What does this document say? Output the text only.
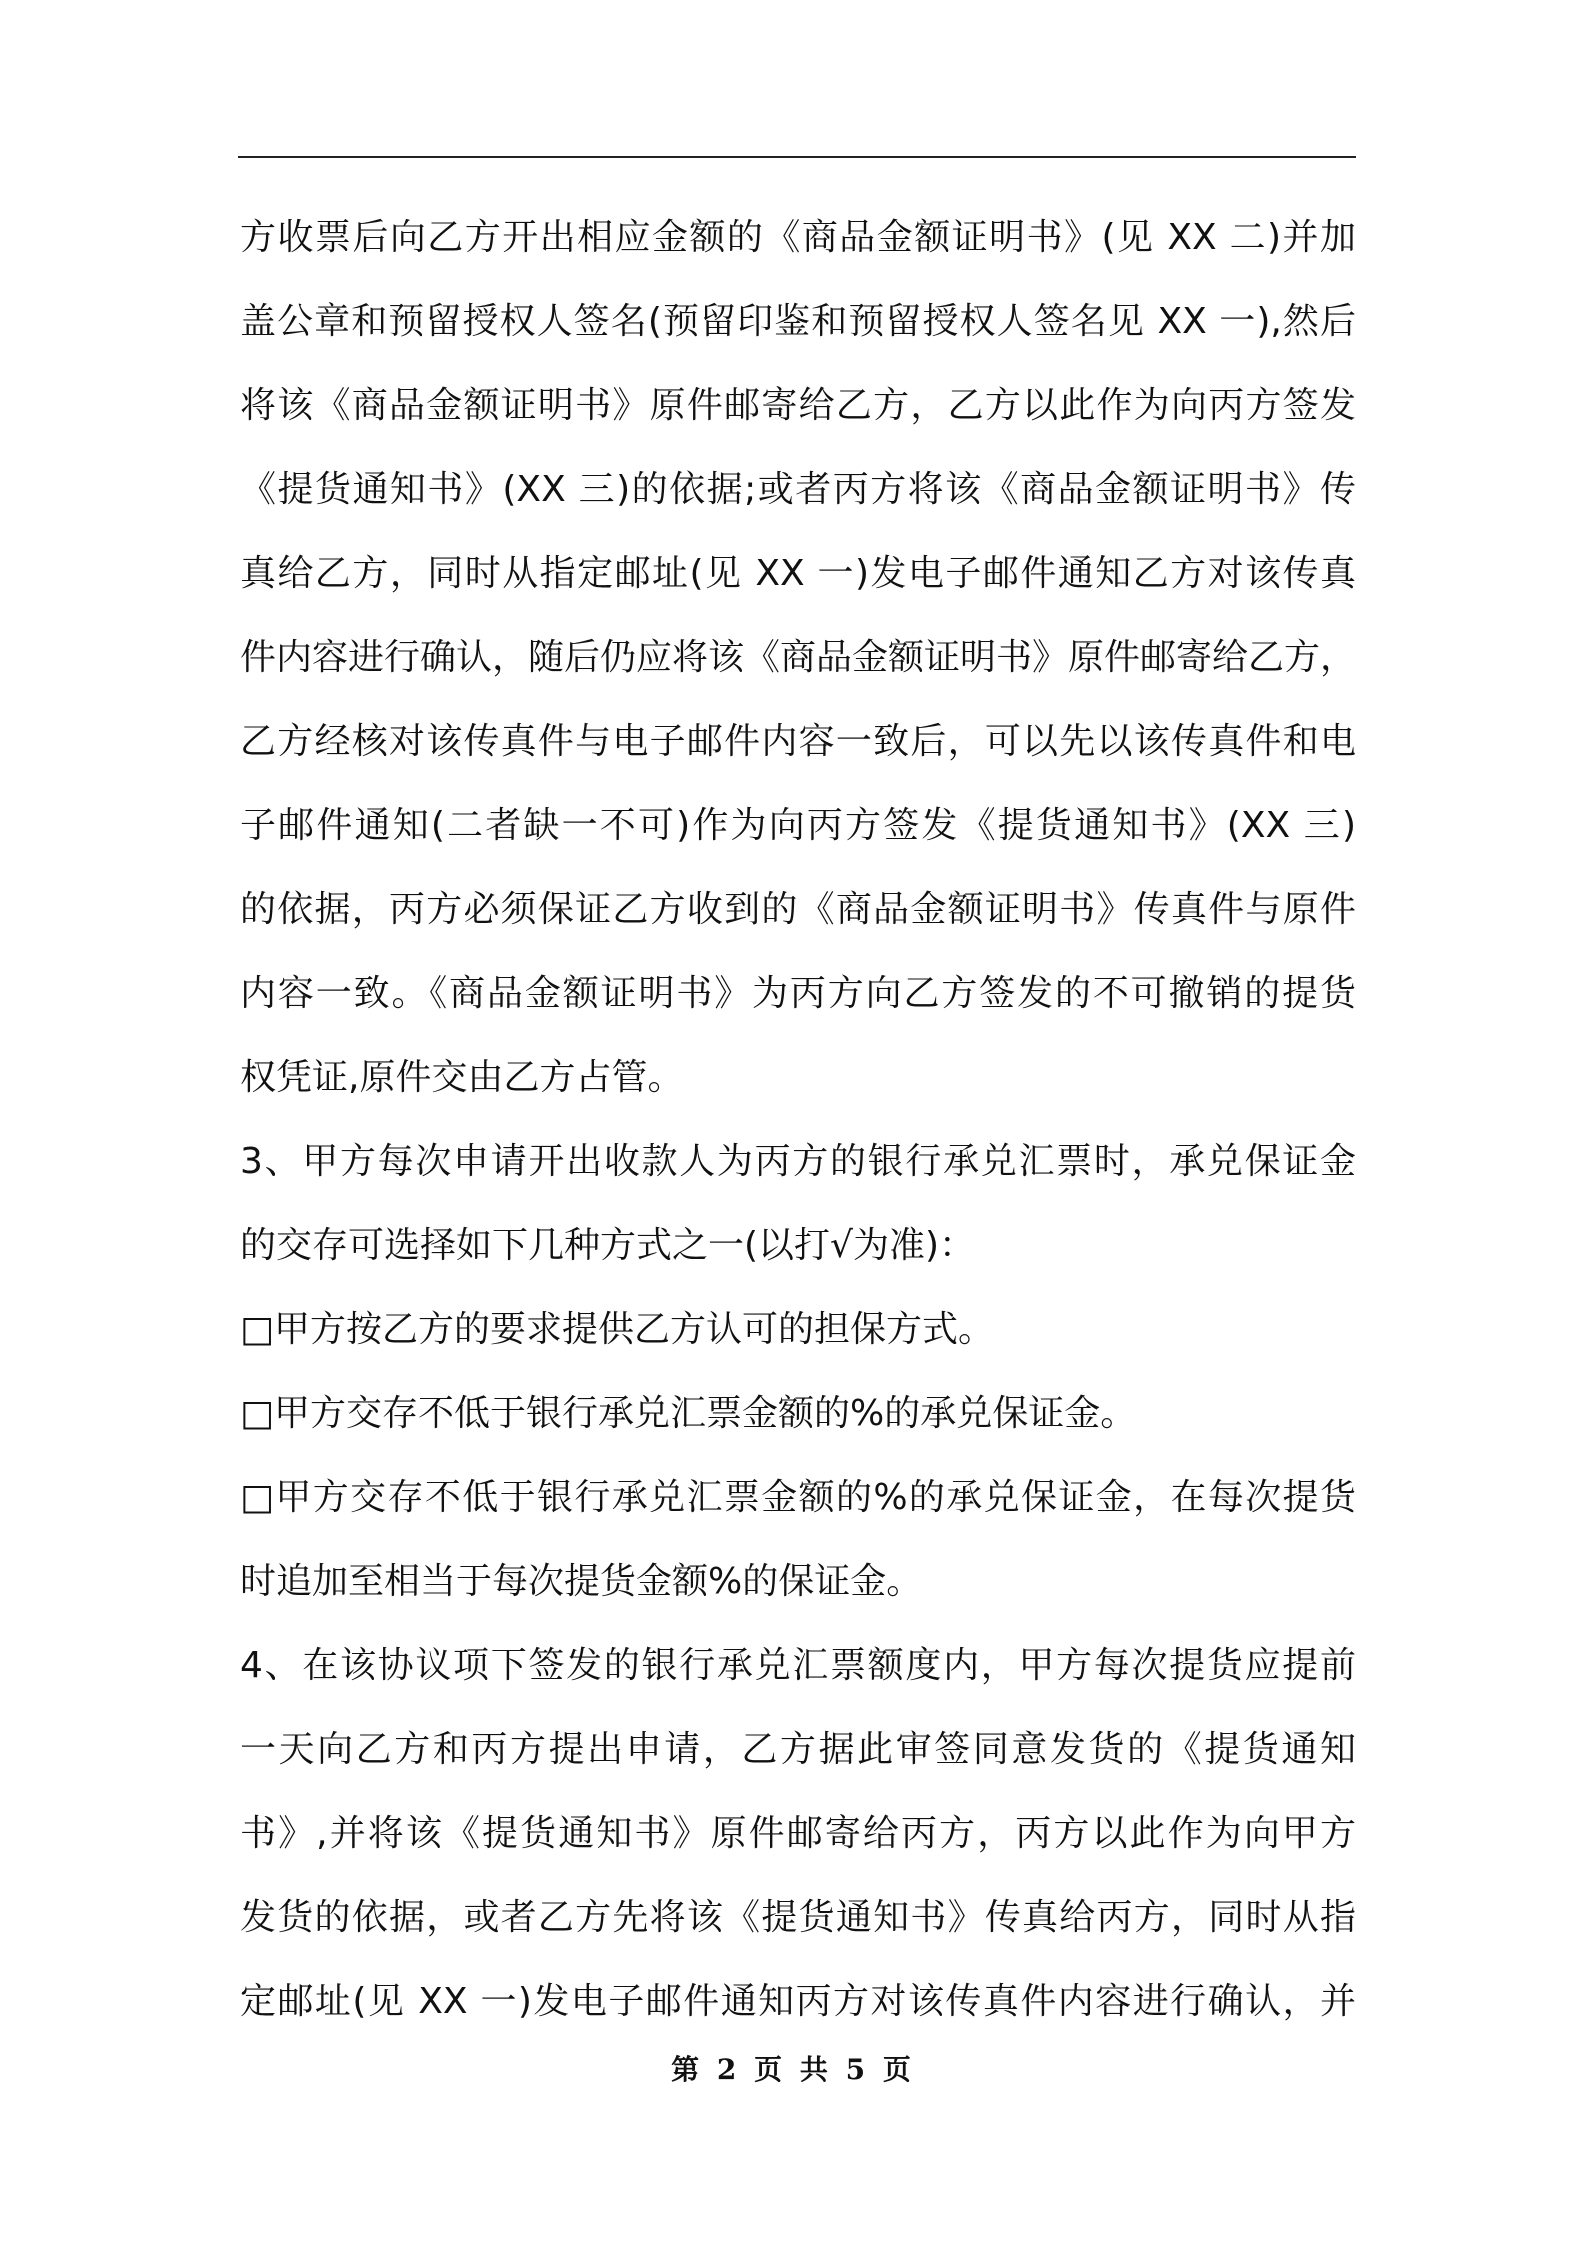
方收票后向乙方开出相应金额的《商品金额证明书》(见 XX 二)并加
盖公章和预留授权人签名(预留印鉴和预留授权人签名见 XX 一),然后
将该《商品金额证明书》原件邮寄给乙方，乙方以此作为向丙方签发
《提货通知书》(XX 三)的依据;或者丙方将该《商品金额证明书》传
真给乙方，同时从指定邮址(见 XX 一)发电子邮件通知乙方对该传真
件内容进行确认，随后仍应将该《商品金额证明书》原件邮寄给乙方，
乙方经核对该传真件与电子邮件内容一致后，可以先以该传真件和电
子邮件通知(二者缺一不可)作为向丙方签发《提货通知书》(XX 三)
的依据，丙方必须保证乙方收到的《商品金额证明书》传真件与原件
内容一致。《商品金额证明书》为丙方向乙方签发的不可撤销的提货
权凭证,原件交由乙方占管。
3、甲方每次申请开出收款人为丙方的银行承兑汇票时，承兑保证金
的交存可选择如下几种方式之一(以打√为准)：
□甲方按乙方的要求提供乙方认可的担保方式。
□甲方交存不低于银行承兑汇票金额的%的承兑保证金。
□甲方交存不低于银行承兑汇票金额的%的承兑保证金，在每次提货
时追加至相当于每次提货金额%的保证金。
4、在该协议项下签发的银行承兑汇票额度内，甲方每次提货应提前
一天向乙方和丙方提出申请，乙方据此审签同意发货的《提货通知
书》,并将该《提货通知书》原件邮寄给丙方，丙方以此作为向甲方
发货的依据，或者乙方先将该《提货通知书》传真给丙方，同时从指
定邮址(见 XX 一)发电子邮件通知丙方对该传真件内容进行确认，并
第 2 页 共 5 页
